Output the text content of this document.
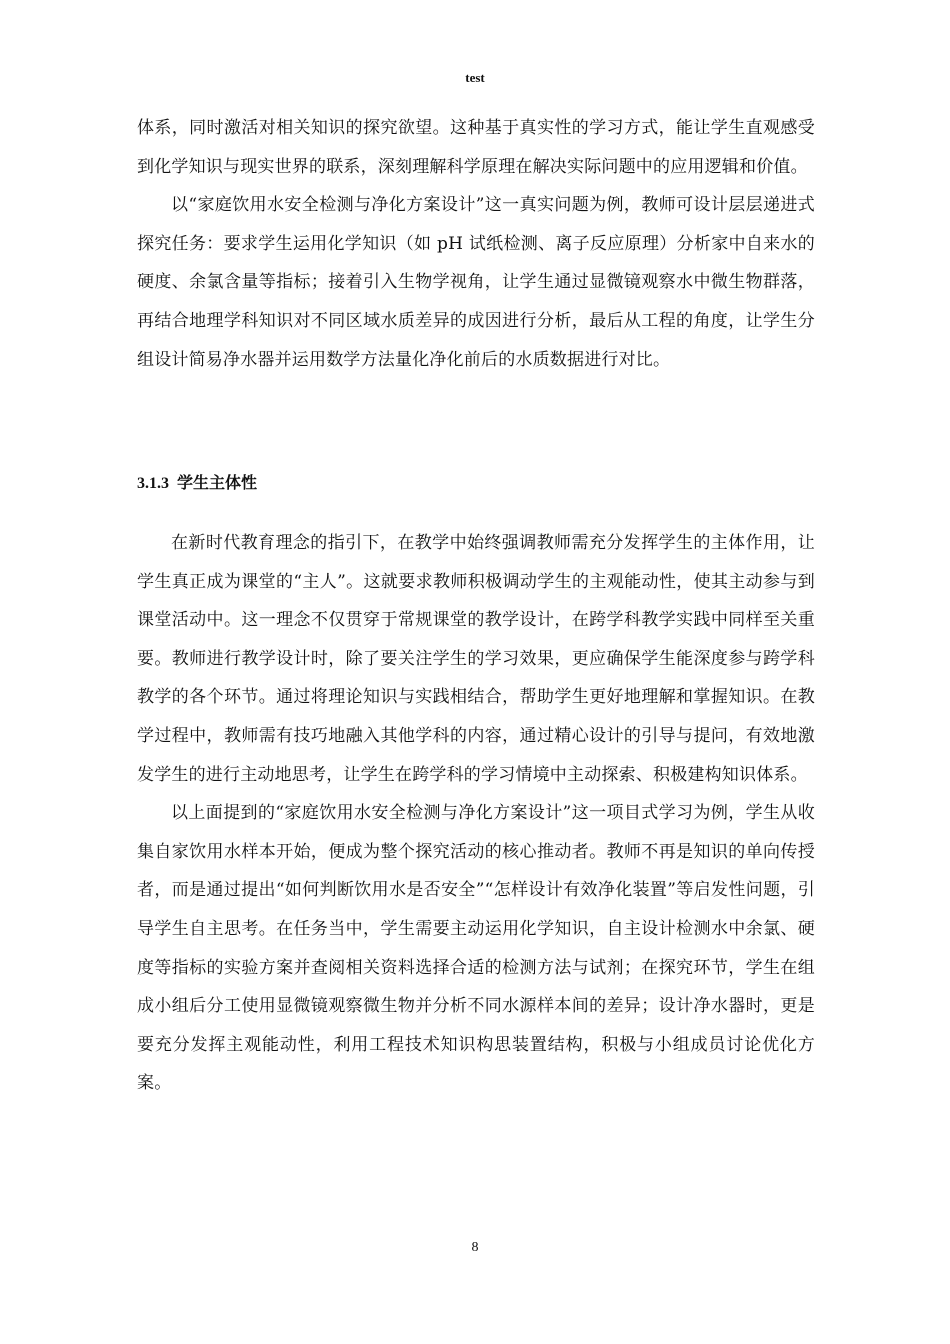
test

体系，同时激活对相关知识的探究欲望。这种基于真实性的学习方式，能让学生直观感受到化学知识与现实世界的联系，深刻理解科学原理在解决实际问题中的应用逻辑和价值。

以“家庭饮用水安全检测与净化方案设计”这一真实问题为例，教师可设计层层递进式探究任务：要求学生运用化学知识（如 pH 试纸检测、离子反应原理）分析家中自来水的硬度、余氯含量等指标；接着引入生物学视角，让学生通过显微镜观察水中微生物群落，再结合地理学科知识对不同区域水质差异的成因进行分析，最后从工程的角度，让学生分组设计简易净水器并运用数学方法量化净化前后的水质数据进行对比。

3.1.3 学生主体性

在新时代教育理念的指引下，在教学中始终强调教师需充分发挥学生的主体作用，让学生真正成为课堂的“主人”。这就要求教师积极调动学生的主观能动性，使其主动参与到课堂活动中。这一理念不仅贯穿于常规课堂的教学设计，在跨学科教学实践中同样至关重要。教师进行教学设计时，除了要关注学生的学习效果，更应确保学生能深度参与跨学科教学的各个环节。通过将理论知识与实践相结合，帮助学生更好地理解和掌握知识。在教学过程中，教师需有技巧地融入其他学科的内容，通过精心设计的引导与提问，有效地激发学生的进行主动地思考，让学生在跨学科的学习情境中主动探索、积极建构知识体系。

以上面提到的“家庭饮用水安全检测与净化方案设计”这一项目式学习为例，学生从收集自家饮用水样本开始，便成为整个探究活动的核心推动者。教师不再是知识的单向传授者，而是通过提出“如何判断饮用水是否安全”“怎样设计有效净化装置”等启发性问题，引导学生自主思考。在任务当中，学生需要主动运用化学知识，自主设计检测水中余氯、硬度等指标的实验方案并查阅相关资料选择合适的检测方法与试剂；在探究环节，学生在组成小组后分工使用显微镜观察微生物并分析不同水源样本间的差异；设计净水器时，更是要充分发挥主观能动性，利用工程技术知识构思装置结构，积极与小组成员讨论优化方案。

8
